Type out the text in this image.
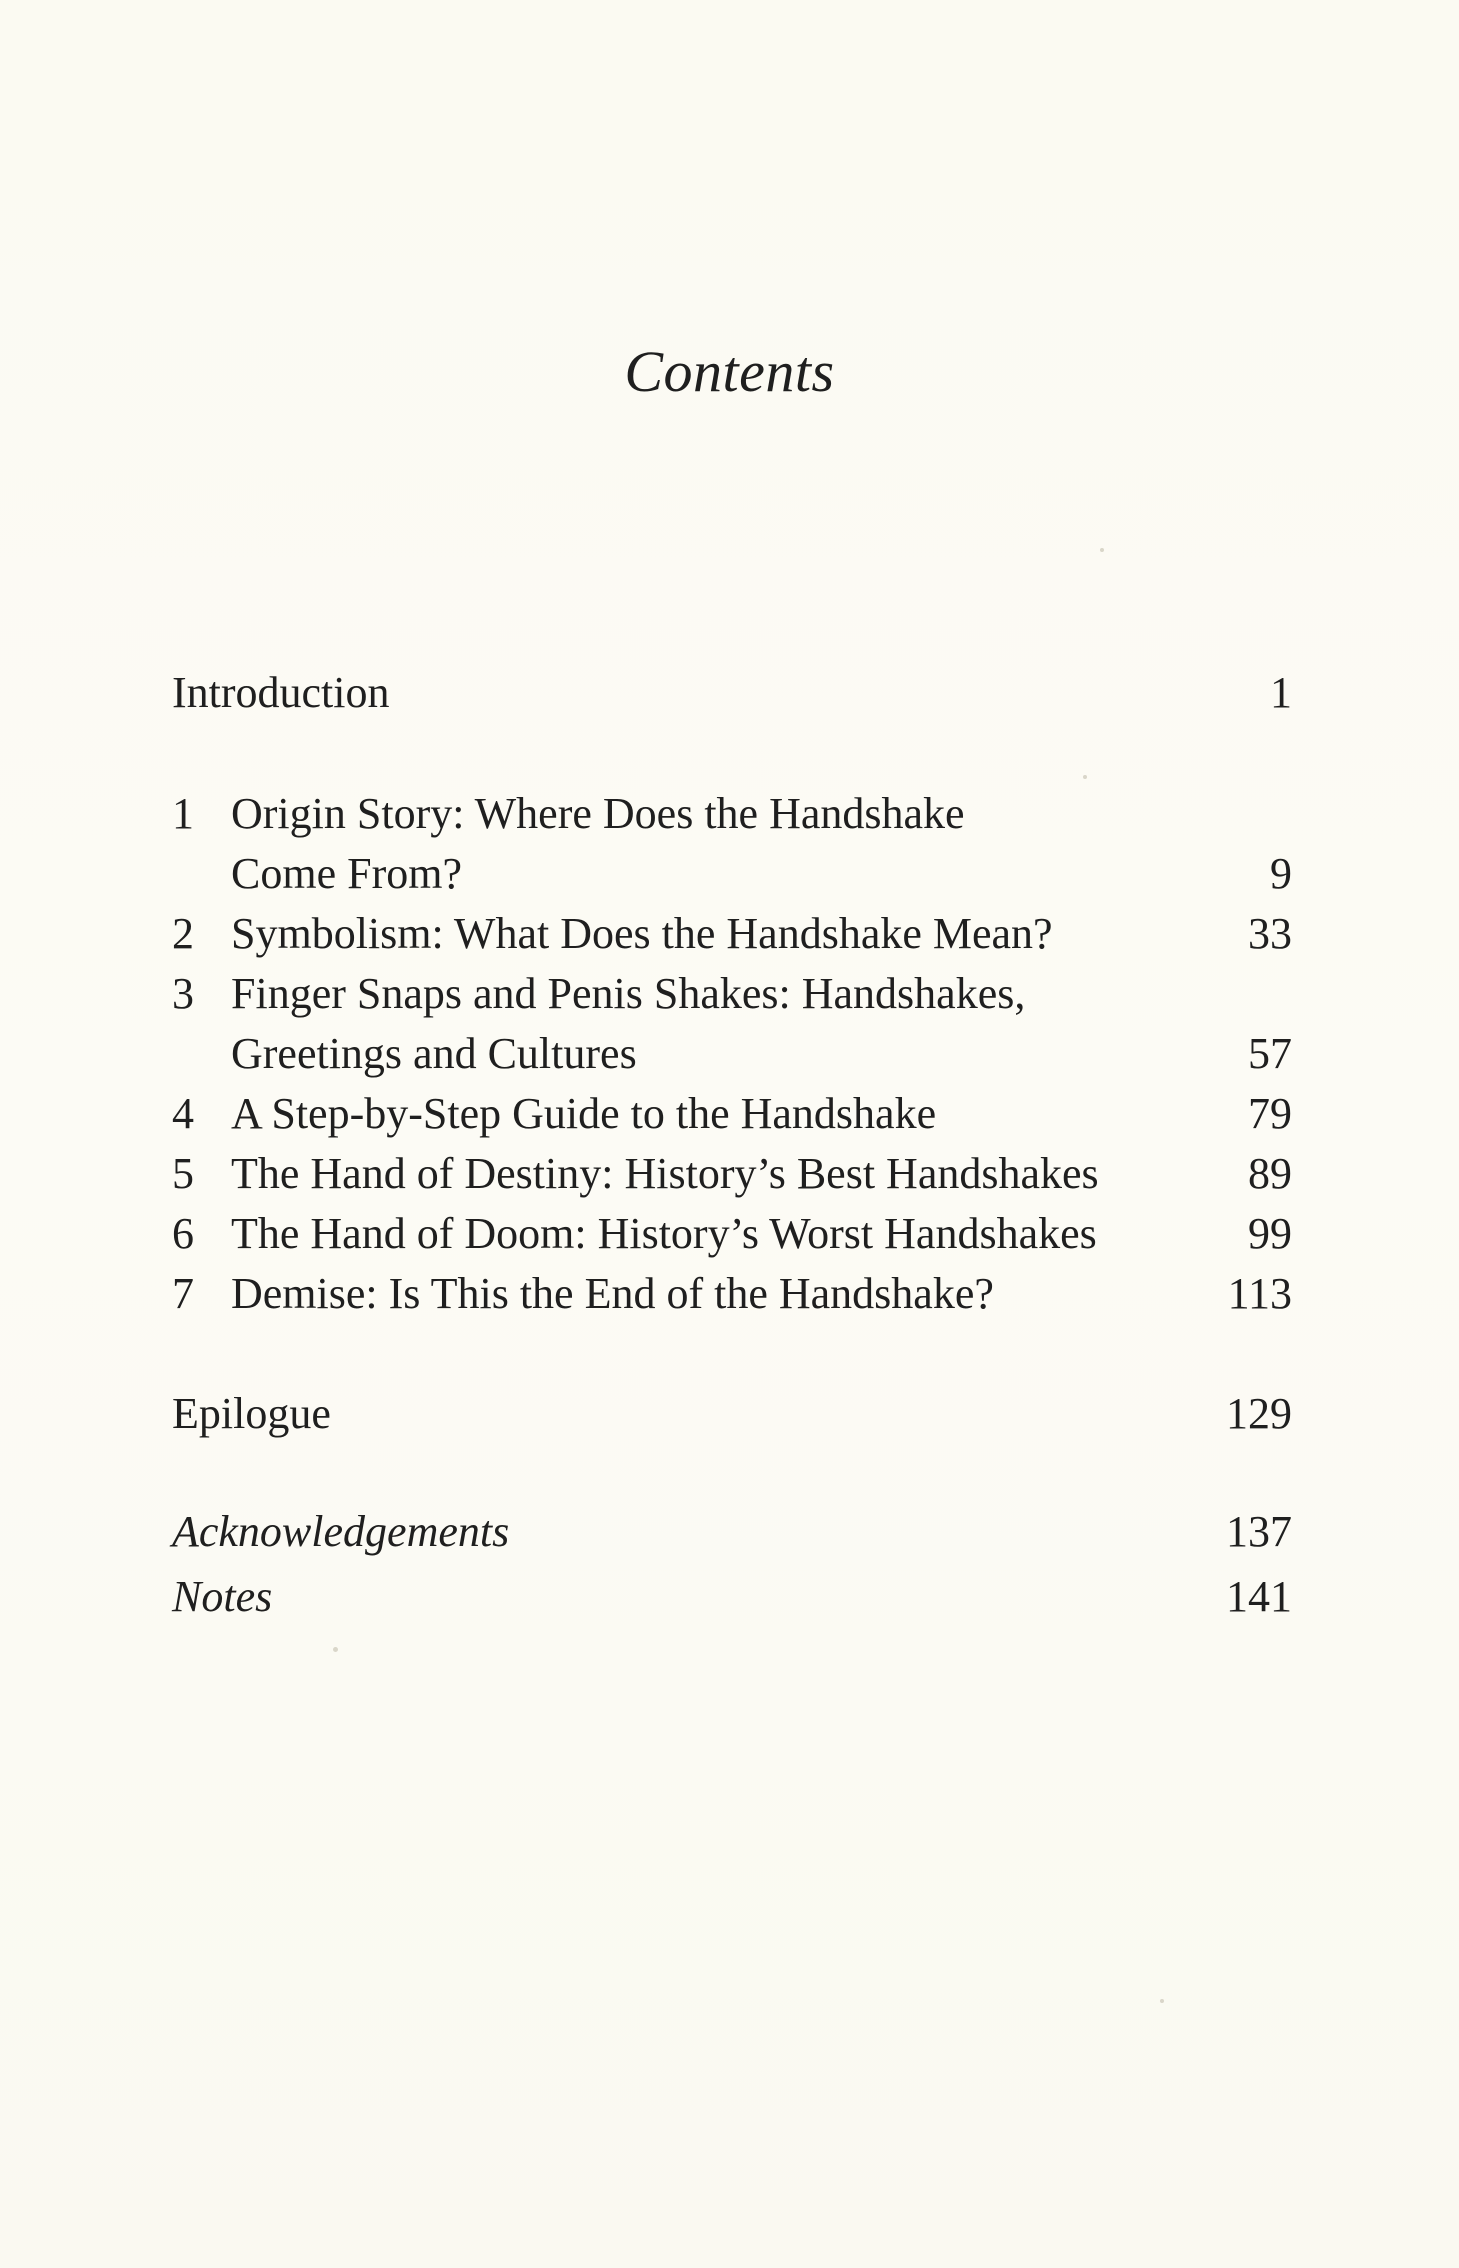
Contents
Introduction	1
1 Origin Story: Where Does the Handshake
Come From?	9
2 Symbolism: What Does the Handshake Mean?	33
3 Finger Snaps and Penis Shakes: Handshakes,
Greetings and Cultures	57
4 A Step-by-Step Guide to the Handshake	79
5 The Hand of Destiny: History’s Best Handshakes	89
6 The Hand of Doom: History’s Worst Handshakes	99
7 Demise: Is This the End of the Handshake?	113
Epilogue	129
Acknowledgements	137
Notes	141
